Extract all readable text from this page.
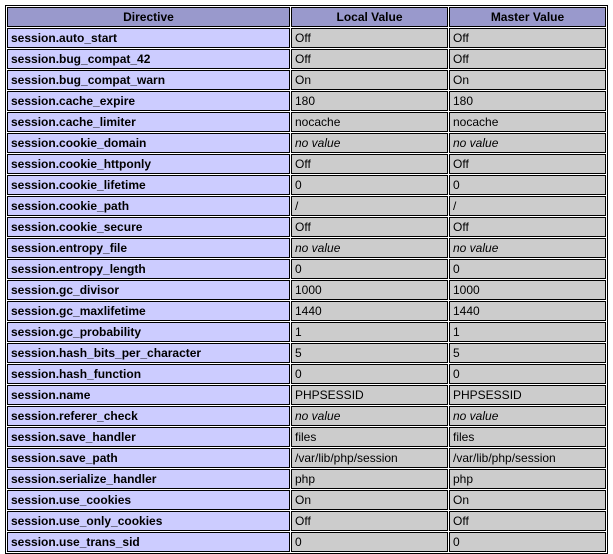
Directive	Local Value	Master Value
session.auto_start	Off	Off
session.bug_compat_42	Off	Off
session.bug_compat_warn	On	On
session.cache_expire	180	180
session.cache_limiter	nocache	nocache
session.cookie_domain	no value	no value
session.cookie_httponly	Off	Off
session.cookie_lifetime	0	0
session.cookie_path	/	/
session.cookie_secure	Off	Off
session.entropy_file	no value	no value
session.entropy_length	0	0
session.gc_divisor	1000	1000
session.gc_maxlifetime	1440	1440
session.gc_probability	1	1
session.hash_bits_per_character	5	5
session.hash_function	0	0
session.name	PHPSESSID	PHPSESSID
session.referer_check	no value	no value
session.save_handler	files	files
session.save_path	/var/lib/php/session	/var/lib/php/session
session.serialize_handler	php	php
session.use_cookies	On	On
session.use_only_cookies	Off	Off
session.use_trans_sid	0	0
